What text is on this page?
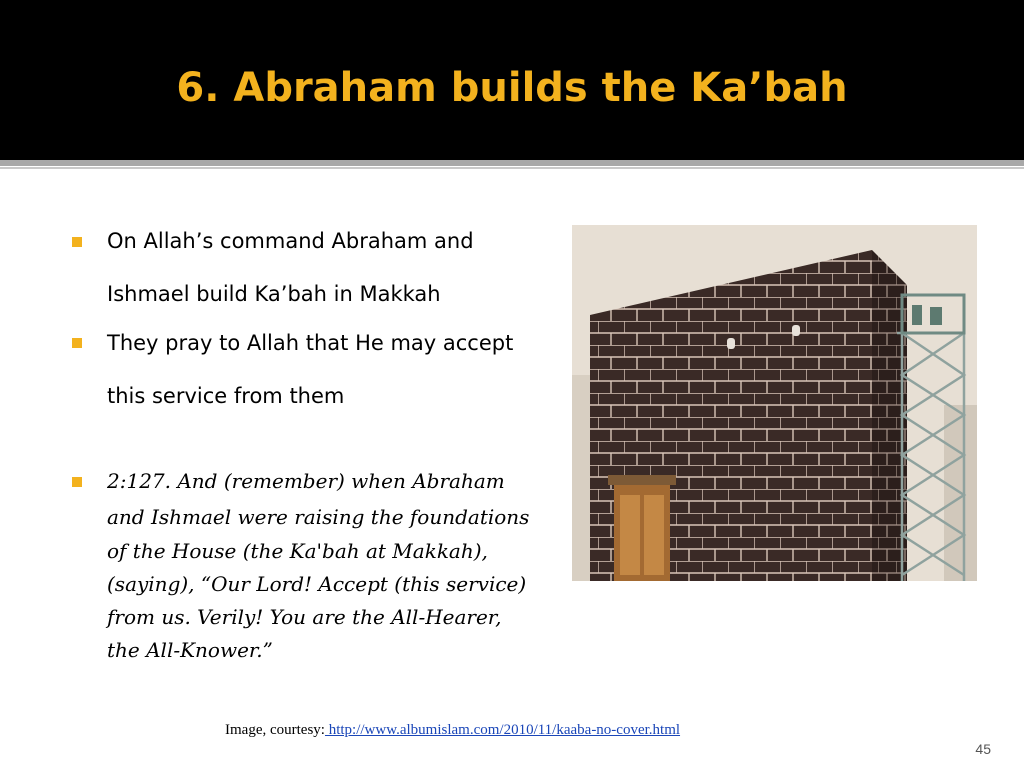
6. Abraham builds the Ka’bah

On Allah’s command Abraham and

Ishmael build Ka’bah in Makkah

They pray to Allah that He may accept

this service from them

2:127. And (remember) when Abraham

and Ishmael were raising the foundations

of the House (the Ka'bah at Makkah),

(saying), “Our Lord! Accept (this service)

from us. Verily! You are the All-Hearer,

the All-Knower.”

Image, courtesy: http://www.albumislam.com/2010/11/kaaba-no-cover.html

45
